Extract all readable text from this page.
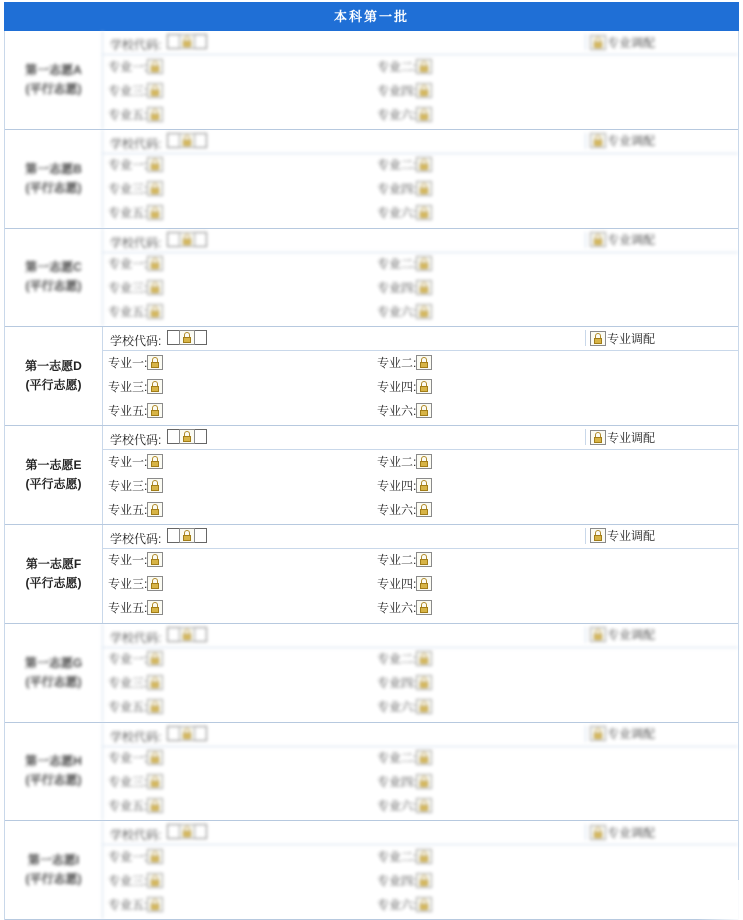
本科第一批
第一志愿A
(平行志愿)
学校代码:	专业调配
专业一:	专业二:
专业三:	专业四:
专业五:	专业六:
第一志愿B
(平行志愿)
学校代码:	专业调配
专业一:	专业二:
专业三:	专业四:
专业五:	专业六:
第一志愿C
(平行志愿)
学校代码:	专业调配
专业一:	专业二:
专业三:	专业四:
专业五:	专业六:
第一志愿D
(平行志愿)
学校代码:	专业调配
专业一:	专业二:
专业三:	专业四:
专业五:	专业六:
第一志愿E
(平行志愿)
学校代码:	专业调配
专业一:	专业二:
专业三:	专业四:
专业五:	专业六:
第一志愿F
(平行志愿)
学校代码:	专业调配
专业一:	专业二:
专业三:	专业四:
专业五:	专业六:
第一志愿G
(平行志愿)
学校代码:	专业调配
专业一:	专业二:
专业三:	专业四:
专业五:	专业六:
第一志愿H
(平行志愿)
学校代码:	专业调配
专业一:	专业二:
专业三:	专业四:
专业五:	专业六:
第一志愿I
(平行志愿)
学校代码:	专业调配
专业一:	专业二:
专业三:	专业四:
专业五:	专业六:
